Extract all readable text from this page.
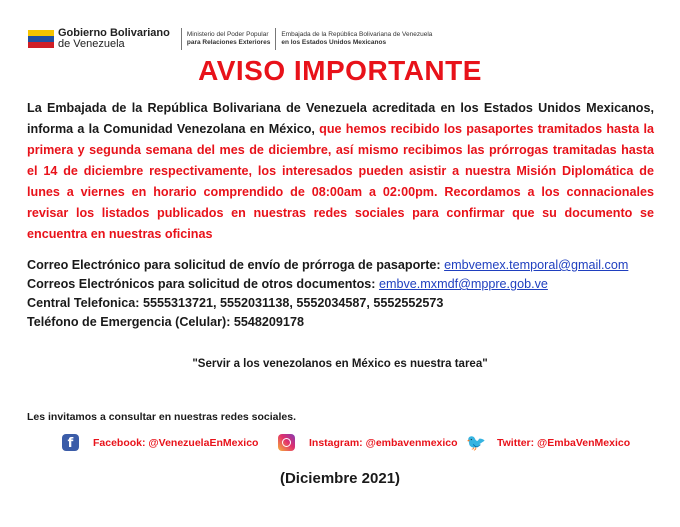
Gobierno Bolivariano
de Venezuela
Ministerio del Poder Popular
para Relaciones Exteriores
Embajada de la República Bolivariana de Venezuela
en los Estados Unidos Mexicanos
AVISO IMPORTANTE
La Embajada de la República Bolivariana de Venezuela acreditada en los Estados Unidos Mexicanos, informa a la Comunidad Venezolana en México, que hemos recibido los pasaportes tramitados hasta la primera y segunda semana del mes de diciembre, así mismo recibimos las prórrogas tramitadas hasta el 14 de diciembre respectivamente, los interesados pueden asistir a nuestra Misión Diplomática de lunes a viernes en horario comprendido de 08:00am a 02:00pm. Recordamos a los connacionales revisar los listados publicados en nuestras redes sociales para confirmar que su documento se encuentra en nuestras oficinas
Correo Electrónico para solicitud de envío de prórroga de pasaporte: embvemex.temporal@gmail.com
Correos Electrónicos para solicitud de otros documentos: embve.mxmdf@mppre.gob.ve
Central Telefonica: 5555313721, 5552031138, 5552034587, 5552552573
Teléfono de Emergencia (Celular): 5548209178
"Servir a los venezolanos en México es nuestra tarea"
Les invitamos a consultar en nuestras redes sociales.
f	Facebook: @VenezuelaEnMexico	Instagram: @embavenmexico 🐦 Twitter: @EmbaVenMexico
(Diciembre 2021)
